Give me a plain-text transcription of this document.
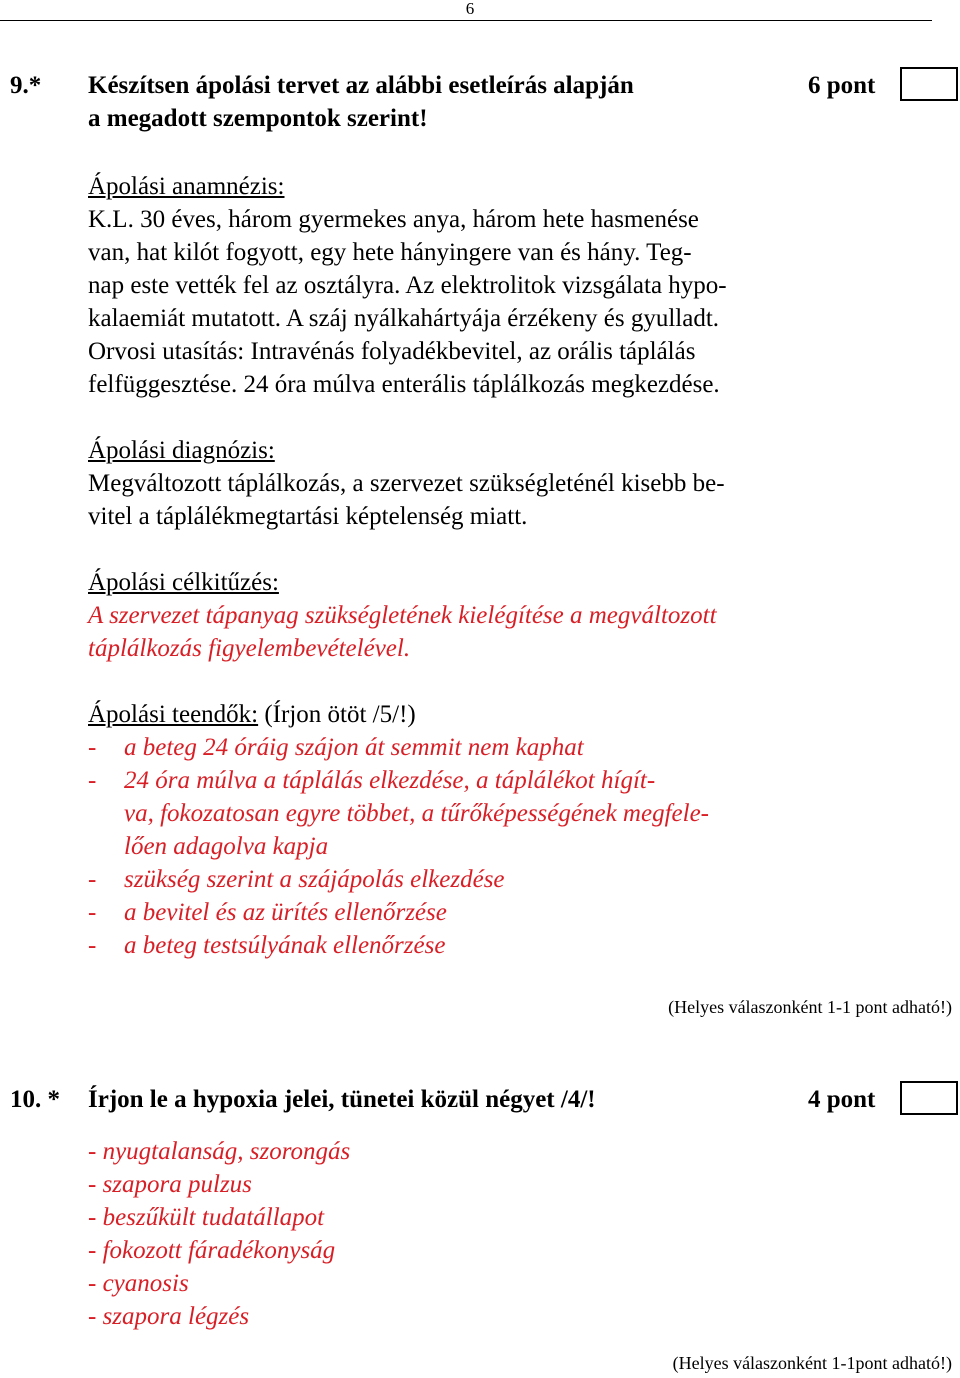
6
9.* Készítsen ápolási tervet az alábbi esetleírás alapján
a megadott szempontok szerint!
6 pont
Ápolási anamnézis:
K.L. 30 éves, három gyermekes anya, három hete hasmenése
van, hat kilót fogyott, egy hete hányingere van és hány. Teg-
nap este vették fel az osztályra. Az elektrolitok vizsgálata hypo-
kalaemiát mutatott. A száj nyálkahártyája érzékeny és gyulladt.
Orvosi utasítás: Intravénás folyadékbevitel, az orális táplálás
felfüggesztése. 24 óra múlva enterális táplálkozás megkezdése.
Ápolási diagnózis:
Megváltozott táplálkozás, a szervezet szükségleténél kisebb be-
vitel a táplálékmegtartási képtelenség miatt.
Ápolási célkitűzés:
A szervezet tápanyag szükségletének kielégítése a megváltozott
táplálkozás figyelembevételével.
Ápolási teendők: (Írjon ötöt /5/!)
- a beteg 24 óráig szájon át semmit nem kaphat
- 24 óra múlva a táplálás elkezdése, a táplálékot hígít-
va, fokozatosan egyre többet, a tűrőképességének megfele-
lően adagolva kapja
- szükség szerint a szájápolás elkezdése
- a bevitel és az ürítés ellenőrzése
- a beteg testsúlyának ellenőrzése
(Helyes válaszonként 1-1 pont adható!)
10. * Írjon le a hypoxia jelei, tünetei közül négyet /4/!	4 pont
- nyugtalanság, szorongás
- szapora pulzus
- beszűkült tudatállapot
- fokozott fáradékonyság
- cyanosis
- szapora légzés
(Helyes válaszonként 1-1pont adható!)
